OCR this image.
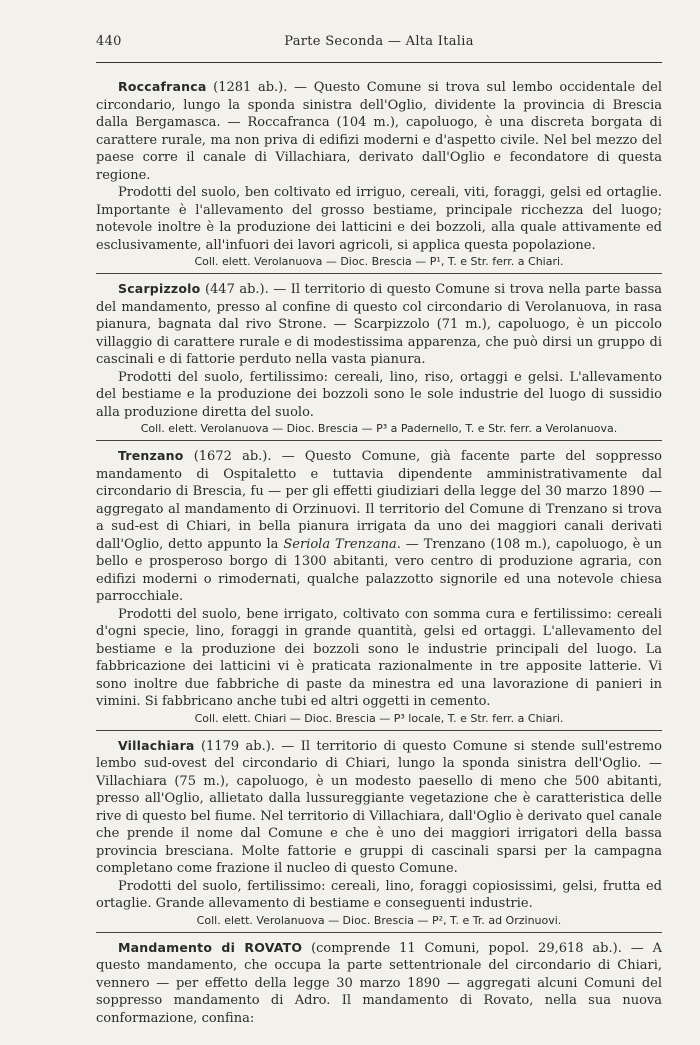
440	Parte Seconda — Alta Italia

Roccafranca (1281 ab.). — Questo Comune si trova sul lembo occidentale del circondario, lungo la sponda sinistra dell'Oglio, dividente la provincia di Brescia dalla Bergamasca. — Roccafranca (104 m.), capoluogo, è una discreta borgata di carattere rurale, ma non priva di edifizi moderni e d'aspetto civile. Nel bel mezzo del paese corre il canale di Villachiara, derivato dall'Oglio e fecondatore di questa regione.

Prodotti del suolo, ben coltivato ed irriguo, cereali, viti, foraggi, gelsi ed ortaglie. Importante è l'allevamento del grosso bestiame, principale ricchezza del luogo; notevole inoltre è la produzione dei latticini e dei bozzoli, alla quale attivamente ed esclusivamente, all'infuori dei lavori agricoli, si applica questa popolazione.

Coll. elett. Verolanuova — Dioc. Brescia — P¹, T. e Str. ferr. a Chiari.

Scarpizzolo (447 ab.). — Il territorio di questo Comune si trova nella parte bassa del mandamento, presso al confine di questo col circondario di Verolanuova, in rasa pianura, bagnata dal rivo Strone. — Scarpizzolo (71 m.), capoluogo, è un piccolo villaggio di carattere rurale e di modestissima apparenza, che può dirsi un gruppo di cascinali e di fattorie perduto nella vasta pianura.

Prodotti del suolo, fertilissimo: cereali, lino, riso, ortaggi e gelsi. L'allevamento del bestiame e la produzione dei bozzoli sono le sole industrie del luogo di sussidio alla produzione diretta del suolo.

Coll. elett. Verolanuova — Dioc. Brescia — P³ a Padernello, T. e Str. ferr. a Verolanuova.

Trenzano (1672 ab.). — Questo Comune, già facente parte del soppresso mandamento di Ospitaletto e tuttavia dipendente amministrativamente dal circondario di Brescia, fu — per gli effetti giudiziari della legge del 30 marzo 1890 — aggregato al mandamento di Orzinuovi. Il territorio del Comune di Trenzano si trova a sud-est di Chiari, in bella pianura irrigata da uno dei maggiori canali derivati dall'Oglio, detto appunto la Seriola Trenzana. — Trenzano (108 m.), capoluogo, è un bello e prosperoso borgo di 1300 abitanti, vero centro di produzione agraria, con edifizi moderni o rimodernati, qualche palazzotto signorile ed una notevole chiesa parrocchiale.

Prodotti del suolo, bene irrigato, coltivato con somma cura e fertilissimo: cereali d'ogni specie, lino, foraggi in grande quantità, gelsi ed ortaggi. L'allevamento del bestiame e la produzione dei bozzoli sono le industrie principali del luogo. La fabbricazione dei latticini vi è praticata razionalmente in tre apposite latterie. Vi sono inoltre due fabbriche di paste da minestra ed una lavorazione di panieri in vimini. Si fabbricano anche tubi ed altri oggetti in cemento.

Coll. elett. Chiari — Dioc. Brescia — P³ locale, T. e Str. ferr. a Chiari.

Villachiara (1179 ab.). — Il territorio di questo Comune si stende sull'estremo lembo sud-ovest del circondario di Chiari, lungo la sponda sinistra dell'Oglio. — Villachiara (75 m.), capoluogo, è un modesto paesello di meno che 500 abitanti, presso all'Oglio, allietato dalla lussureggiante vegetazione che è caratteristica delle rive di questo bel fiume. Nel territorio di Villachiara, dall'Oglio è derivato quel canale che prende il nome dal Comune e che è uno dei maggiori irrigatori della bassa provincia bresciana. Molte fattorie e gruppi di cascinali sparsi per la campagna completano come frazione il nucleo di questo Comune.

Prodotti del suolo, fertilissimo: cereali, lino, foraggi copiosissimi, gelsi, frutta ed ortaglie. Grande allevamento di bestiame e conseguenti industrie.

Coll. elett. Verolanuova — Dioc. Brescia — P², T. e Tr. ad Orzinuovi.

Mandamento di ROVATO (comprende 11 Comuni, popol. 29,618 ab.). — A questo mandamento, che occupa la parte settentrionale del circondario di Chiari, vennero — per effetto della legge 30 marzo 1890 — aggregati alcuni Comuni del soppresso mandamento di Adro. Il mandamento di Rovato, nella sua nuova conformazione, confina:
